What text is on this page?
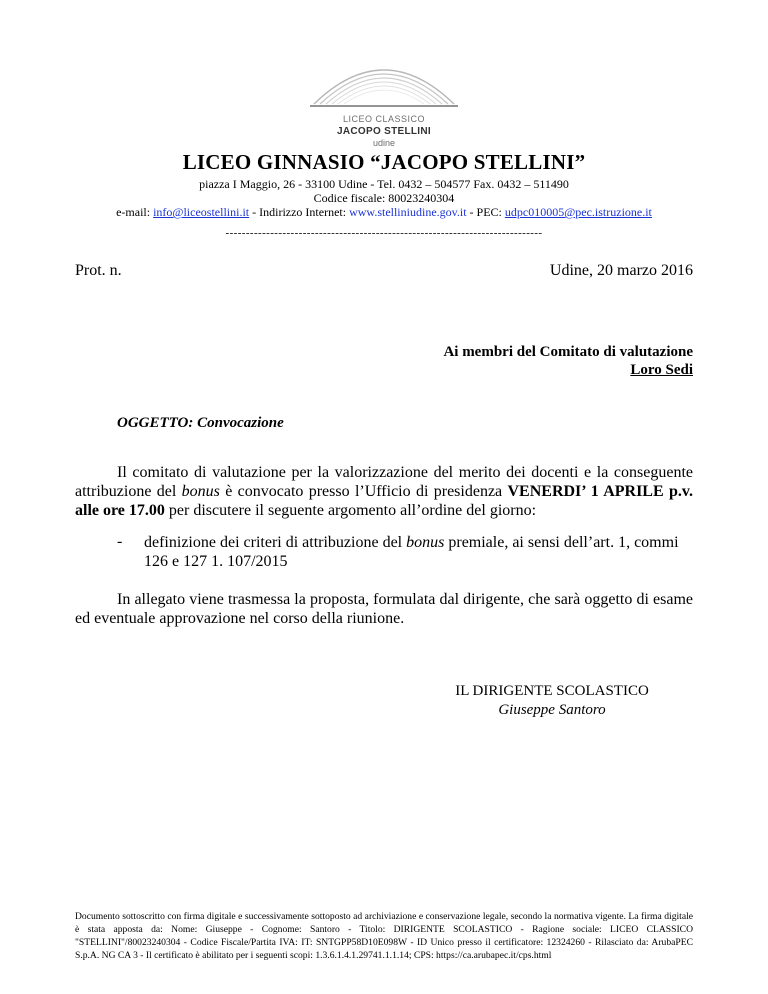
LICEO CLASSICO
JACOPO STELLINI
udine
LICEO GINNASIO “JACOPO STELLINI”
piazza I Maggio, 26 - 33100 Udine - Tel. 0432 – 504577 Fax. 0432 – 511490
Codice fiscale: 80023240304
e-mail: info@liceostellini.it - Indirizzo Internet: www.stelliniudine.gov.it - PEC: udpc010005@pec.istruzione.it
------------------------------------------------------------------------------
Prot. n.	Udine, 20 marzo 2016
Ai membri del Comitato di valutazione
Loro Sedi
OGGETTO: Convocazione
Il comitato di valutazione per la valorizzazione del merito dei docenti e la conseguente attribuzione del bonus è convocato presso l’Ufficio di presidenza VENERDI’ 1 APRILE p.v. alle ore 17.00 per discutere il seguente argomento all’ordine del giorno:
- definizione dei criteri di attribuzione del bonus premiale, ai sensi dell’art. 1, commi 126 e 127 1. 107/2015
In allegato viene trasmessa la proposta, formulata dal dirigente, che sarà oggetto di esame ed eventuale approvazione nel corso della riunione.
IL DIRIGENTE SCOLASTICO
Giuseppe Santoro
Documento sottoscritto con firma digitale e successivamente sottoposto ad archiviazione e conservazione legale, secondo la normativa vigente. La firma digitale è stata apposta da: Nome: Giuseppe - Cognome: Santoro - Titolo: DIRIGENTE SCOLASTICO - Ragione sociale: LICEO CLASSICO "STELLINI"/80023240304 - Codice Fiscale/Partita IVA: IT: SNTGPP58D10E098W - ID Unico presso il certificatore: 12324260 - Rilasciato da: ArubaPEC S.p.A. NG CA 3 - Il certificato è abilitato per i seguenti scopi: 1.3.6.1.4.1.29741.1.1.14; CPS: https://ca.arubapec.it/cps.html
